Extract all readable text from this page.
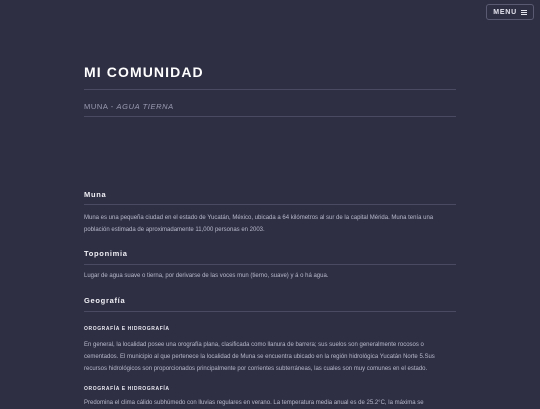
MENU
MI COMUNIDAD
MUNA - AGUA TIERNA
Muna

Muna es una pequeña ciudad en el estado de Yucatán, México, ubicada a 64 kilómetros al sur de la capital Mérida. Muna tenía una población estimada de aproximadamente 11,000 personas en 2003.

Toponimia

Lugar de agua suave o tierna, por derivarse de las voces mun (tierno, suave) y á o há agua.

Geografía
OROGRAFÍA E HIDROGRAFÍA

En general, la localidad posee una orografía plana, clasificada como llanura de barrera; sus suelos son generalmente rocosos o cementados. El municipio al que pertenece la localidad de Muna se encuentra ubicado en la región hidrológica Yucatán Norte 5.Sus recursos hidrológicos son proporcionados principalmente por corrientes subterráneas, las cuales son muy comunes en el estado.

OROGRAFÍA E HIDROGRAFÍA

Predomina el clima cálido subhúmedo con lluvias regulares en verano. La temperatura media anual es de 25.2°C, la máxima se
